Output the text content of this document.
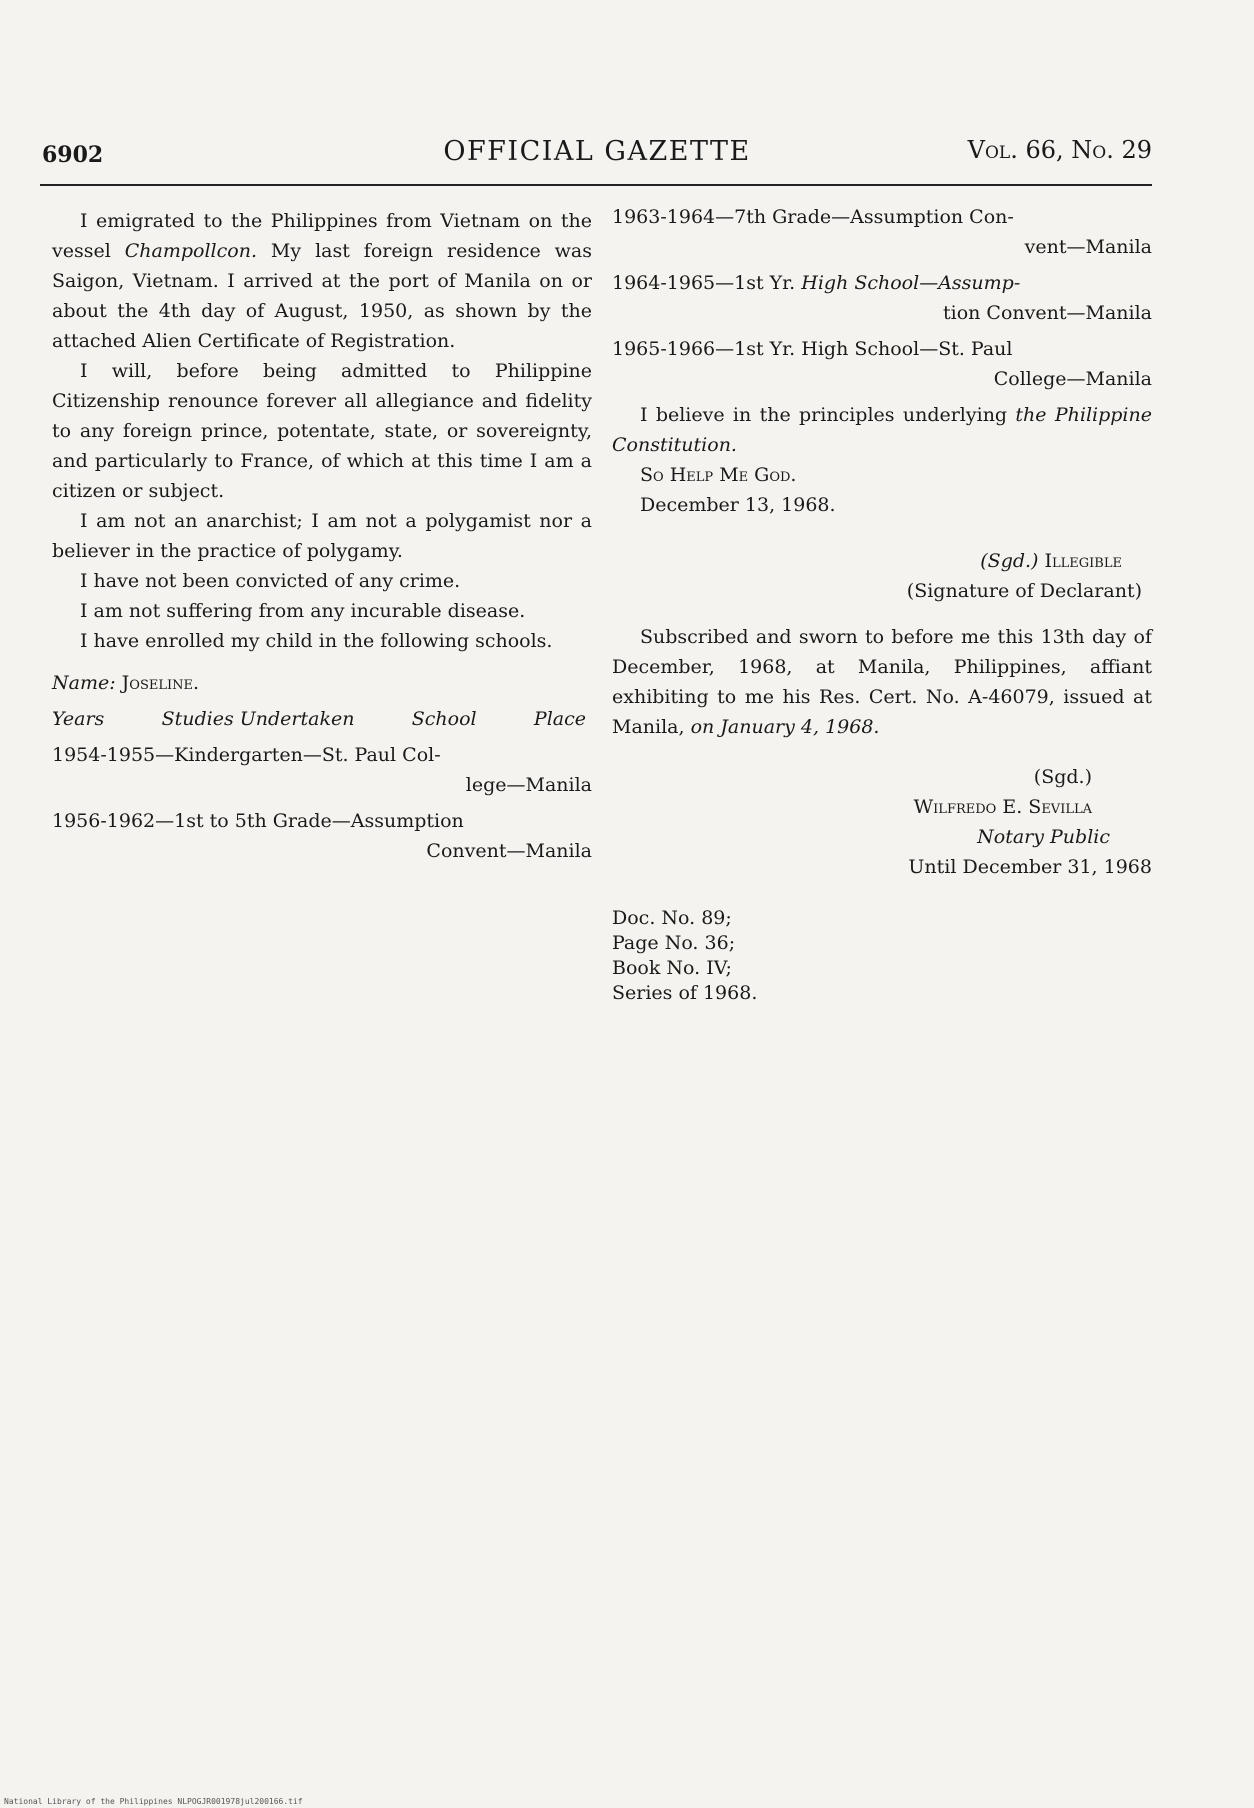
6902	OFFICIAL GAZETTE	Vol. 66, No. 29

I emigrated to the Philippines from Vietnam on the vessel Champollcon. My last foreign residence was Saigon, Vietnam. I arrived at the port of Manila on or about the 4th day of August, 1950, as shown by the attached Alien Certificate of Registration.

I will, before being admitted to Philippine Citizenship renounce forever all allegiance and fidelity to any foreign prince, potentate, state, or sovereignty, and particularly to France, of which at this time I am a citizen or subject.

I am not an anarchist; I am not a polygamist nor a believer in the practice of polygamy.

I have not been convicted of any crime.

I am not suffering from any incurable disease.

I have enrolled my child in the following schools.

Name: Joseline.

Years	Studies Undertaken	School	Place
1954-1955—Kindergarten—St. Paul Col-
lege—Manila
1956-1962—1st to 5th Grade—Assumption
Convent—Manila
1963-1964—7th Grade—Assumption Con-
vent—Manila
1964-1965—1st Yr. High School—Assump-
tion Convent—Manila
1965-1966—1st Yr. High School—St. Paul
College—Manila

I believe in the principles underlying the Philippine Constitution.

So Help Me God.

December 13, 1968.

(Sgd.) Illegible
(Signature of Declarant)

Subscribed and sworn to before me this 13th day of December, 1968, at Manila, Philippines, affiant exhibiting to me his Res. Cert. No. A-46079, issued at Manila, on January 4, 1968.

(Sgd.)
Wilfredo E. Sevilla
Notary Public
Until December 31, 1968
Doc. No. 89;
Page No. 36;
Book No. IV;
Series of 1968.
National Library of the Philippines NLPOGJR001978jul200166.tif
